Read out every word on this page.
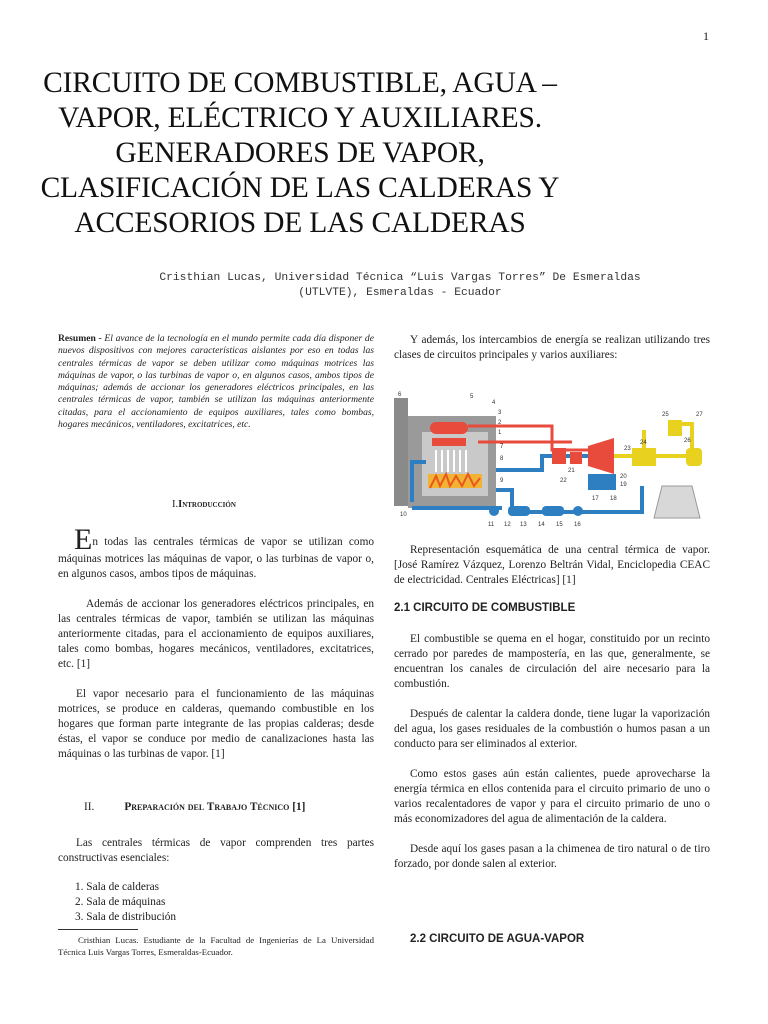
1
CIRCUITO DE COMBUSTIBLE, AGUA –
VAPOR, ELÉCTRICO Y AUXILIARES.
GENERADORES DE VAPOR,
CLASIFICACIÓN DE LAS CALDERAS Y
ACCESORIOS DE LAS CALDERAS
Cristhian Lucas, Universidad Técnica “Luis Vargas Torres” De Esmeraldas
(UTLVTE), Esmeraldas - Ecuador
Resumen - El avance de la tecnología en el mundo permite cada día disponer de nuevos dispositivos con mejores características aislantes por eso en todas las centrales térmicas de vapor se deben utilizar como máquinas motrices las máquinas de vapor, o las turbinas de vapor o, en algunos casos, ambos tipos de máquinas; además de accionar los generadores eléctricos principales, en las centrales térmicas de vapor, también se utilizan las máquinas anteriormente citadas, para el accionamiento de equipos auxiliares, tales como bombas, hogares mecánicos, ventiladores, excitatrices, etc.
I.Introducción

En todas las centrales térmicas de vapor se utilizan como máquinas motrices las máquinas de vapor, o las turbinas de vapor o, en algunos casos, ambos tipos de máquinas.

Además de accionar los generadores eléctricos principales, en las centrales térmicas de vapor, también se utilizan las máquinas anteriormente citadas, para el accionamiento de equipos auxiliares, tales como bombas, hogares mecánicos, ventiladores, excitatrices, etc. [1]

El vapor necesario para el funcionamiento de las máquinas motrices, se produce en calderas, quemando combustible en los hogares que forman parte integrante de las propias calderas; desde éstas, el vapor se conduce por medio de canalizaciones hasta las máquinas o las turbinas de vapor. [1]

II.	Preparación del Trabajo Técnico [1]
Las centrales térmicas de vapor comprenden tres partes constructivas esenciales:
1. Sala de calderas
2. Sala de máquinas
3. Sala de distribución
Cristhian Lucas. Estudiante de la Facultad de Ingenierías de La Universidad Técnica Luis Vargas Torres, Esmeraldas-Ecuador.
Y además, los intercambios de energía se realizan utilizando tres clases de circuitos principales y varios auxiliares:
6	5
4
3
2
1
7
8
9
10
11 12 13 14 15 16
17 18
19
20
21
22
23
24
25
26
27
Representación esquemática de una central térmica de vapor. [José Ramírez Vázquez, Lorenzo Beltrán Vidal, Enciclopedia CEAC de electricidad. Centrales Eléctricas] [1]
2.1 CIRCUITO DE COMBUSTIBLE

El combustible se quema en el hogar, constituido por un recinto cerrado por paredes de mampostería, en las que, generalmente, se encuentran los canales de circulación del aire necesario para la combustión.

Después de calentar la caldera donde, tiene lugar la vaporización del agua, los gases residuales de la combustión o humos pasan a un conducto para ser eliminados al exterior.

Como estos gases aún están calientes, puede aprovecharse la energía térmica en ellos contenida para el circuito primario de uno o varios recalentadores de vapor y para el circuito primario de uno o más economizadores del agua de alimentación de la caldera.

Desde aquí los gases pasan a la chimenea de tiro natural o de tiro forzado, por donde salen al exterior.

2.2 CIRCUITO DE AGUA-VAPOR
